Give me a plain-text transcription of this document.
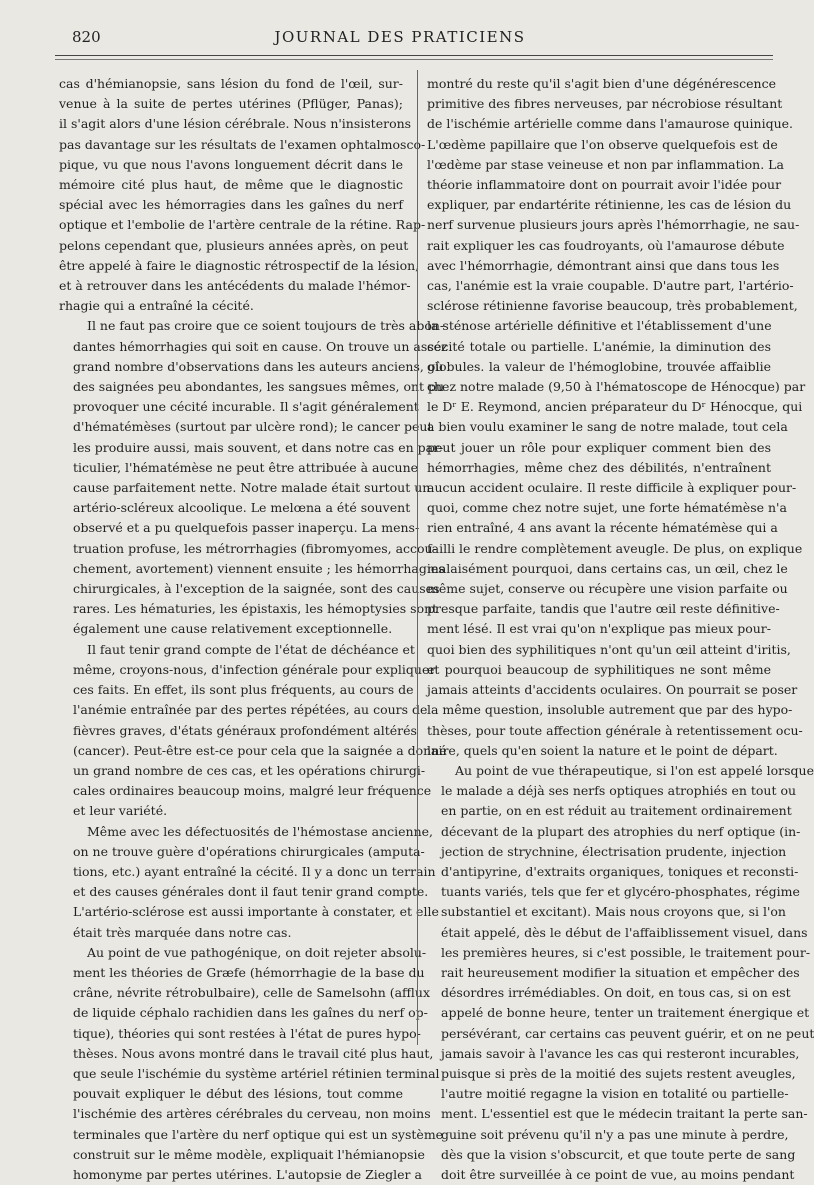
820	JOURNAL DES PRATICIENS
cas d'hémianopsie, sans lésion du fond de l'œil, sur-
venue à la suite de pertes utérines (Pflüger, Panas);
il s'agit alors d'une lésion cérébrale. Nous n'insisterons
pas davantage sur les résultats de l'examen ophtalmosco-
pique, vu que nous l'avons longuement décrit dans le
mémoire cité plus haut, de même que le diagnostic
spécial avec les hémorragies dans les gaînes du nerf
optique et l'embolie de l'artère centrale de la rétine. Rap-
pelons cependant que, plusieurs années après, on peut
être appelé à faire le diagnostic rétrospectif de la lésion,
et à retrouver dans les antécédents du malade l'hémor-
rhagie qui a entraîné la cécité.
Il ne faut pas croire que ce soient toujours de très abon-
dantes hémorrhagies qui soit en cause. On trouve un assez
grand nombre d'observations dans les auteurs anciens, où
des saignées peu abondantes, les sangsues mêmes, ont pu
provoquer une cécité incurable. Il s'agit généralement
d'hématémèses (surtout par ulcère rond); le cancer peut
les produire aussi, mais souvent, et dans notre cas en par-
ticulier, l'hématémèse ne peut être attribuée à aucune
cause parfaitement nette. Notre malade était surtout un
artério-scléreux alcoolique. Le melœna a été souvent
observé et a pu quelquefois passer inaperçu. La mens-
truation profuse, les métrorrhagies (fibromyomes, accou-
chement, avortement) viennent ensuite ; les hémorrhagies
chirurgicales, à l'exception de la saignée, sont des causes
rares. Les hématuries, les épistaxis, les hémoptysies sont
également une cause relativement exceptionnelle.
Il faut tenir grand compte de l'état de déchéance et
même, croyons-nous, d'infection générale pour expliquer
ces faits. En effet, ils sont plus fréquents, au cours de
l'anémie entraînée par des pertes répétées, au cours de
fièvres graves, d'états généraux profondément altérés
(cancer). Peut-être est-ce pour cela que la saignée a donné
un grand nombre de ces cas, et les opérations chirurgi-
cales ordinaires beaucoup moins, malgré leur fréquence
et leur variété.
Même avec les défectuosités de l'hémostase ancienne,
on ne trouve guère d'opérations chirurgicales (amputa-
tions, etc.) ayant entraîné la cécité. Il y a donc un terrain
et des causes générales dont il faut tenir grand compte.
L'artério-sclérose est aussi importante à constater, et elle
était très marquée dans notre cas.
Au point de vue pathogénique, on doit rejeter absolu-
ment les théories de Græfe (hémorrhagie de la base du
crâne, névrite rétrobulbaire), celle de Samelsohn (afflux
de liquide céphalo rachidien dans les gaînes du nerf op-
tique), théories qui sont restées à l'état de pures hypo-
thèses. Nous avons montré dans le travail cité plus haut,
que seule l'ischémie du système artériel rétinien terminal
pouvait expliquer le début des lésions, tout comme
l'ischémie des artères cérébrales du cerveau, non moins
terminales que l'artère du nerf optique qui est un système
construit sur le même modèle, expliquait l'hémianopsie
homonyme par pertes utérines. L'autopsie de Ziegler a
montré du reste qu'il s'agit bien d'une dégénérescence
primitive des fibres nerveuses, par nécrobiose résultant
de l'ischémie artérielle comme dans l'amaurose quinique.
L'œdème papillaire que l'on observe quelquefois est de
l'œdème par stase veineuse et non par inflammation. La
théorie inflammatoire dont on pourrait avoir l'idée pour
expliquer, par endartérite rétinienne, les cas de lésion du
nerf survenue plusieurs jours après l'hémorrhagie, ne sau-
rait expliquer les cas foudroyants, où l'amaurose débute
avec l'hémorrhagie, démontrant ainsi que dans tous les
cas, l'anémie est la vraie coupable. D'autre part, l'artério-
sclérose rétinienne favorise beaucoup, très probablement,
la sténose artérielle définitive et l'établissement d'une
cécité totale ou partielle. L'anémie, la diminution des
globules. la valeur de l'hémoglobine, trouvée affaiblie
chez notre malade (9,50 à l'hématoscope de Hénocque) par
le Dʳ E. Reymond, ancien préparateur du Dʳ Hénocque, qui
a bien voulu examiner le sang de notre malade, tout cela
peut jouer un rôle pour expliquer comment bien des
hémorrhagies, même chez des débilités, n'entraînent
aucun accident oculaire. Il reste difficile à expliquer pour-
quoi, comme chez notre sujet, une forte hématémèse n'a
rien entraîné, 4 ans avant la récente hématémèse qui a
failli le rendre complètement aveugle. De plus, on explique
malaisément pourquoi, dans certains cas, un œil, chez le
même sujet, conserve ou récupère une vision parfaite ou
presque parfaite, tandis que l'autre œil reste définitive-
ment lésé. Il est vrai qu'on n'explique pas mieux pour-
quoi bien des syphilitiques n'ont qu'un œil atteint d'iritis,
et pourquoi beaucoup de syphilitiques ne sont même
jamais atteints d'accidents oculaires. On pourrait se poser
la même question, insoluble autrement que par des hypo-
thèses, pour toute affection générale à retentissement ocu-
laire, quels qu'en soient la nature et le point de départ.
Au point de vue thérapeutique, si l'on est appelé lorsque
le malade a déjà ses nerfs optiques atrophiés en tout ou
en partie, on en est réduit au traitement ordinairement
décevant de la plupart des atrophies du nerf optique (in-
jection de strychnine, électrisation prudente, injection
d'antipyrine, d'extraits organiques, toniques et reconsti-
tuants variés, tels que fer et glycéro-phosphates, régime
substantiel et excitant). Mais nous croyons que, si l'on
était appelé, dès le début de l'affaiblissement visuel, dans
les premières heures, si c'est possible, le traitement pour-
rait heureusement modifier la situation et empêcher des
désordres irrémédiables. On doit, en tous cas, si on est
appelé de bonne heure, tenter un traitement énergique et
persévérant, car certains cas peuvent guérir, et on ne peut
jamais savoir à l'avance les cas qui resteront incurables,
puisque si près de la moitié des sujets restent aveugles,
l'autre moitié regagne la vision en totalité ou partielle-
ment. L'essentiel est que le médecin traitant la perte san-
guine soit prévenu qu'il n'y a pas une minute à perdre,
dès que la vision s'obscurcit, et que toute perte de sang
doit être surveillée à ce point de vue, au moins pendant
